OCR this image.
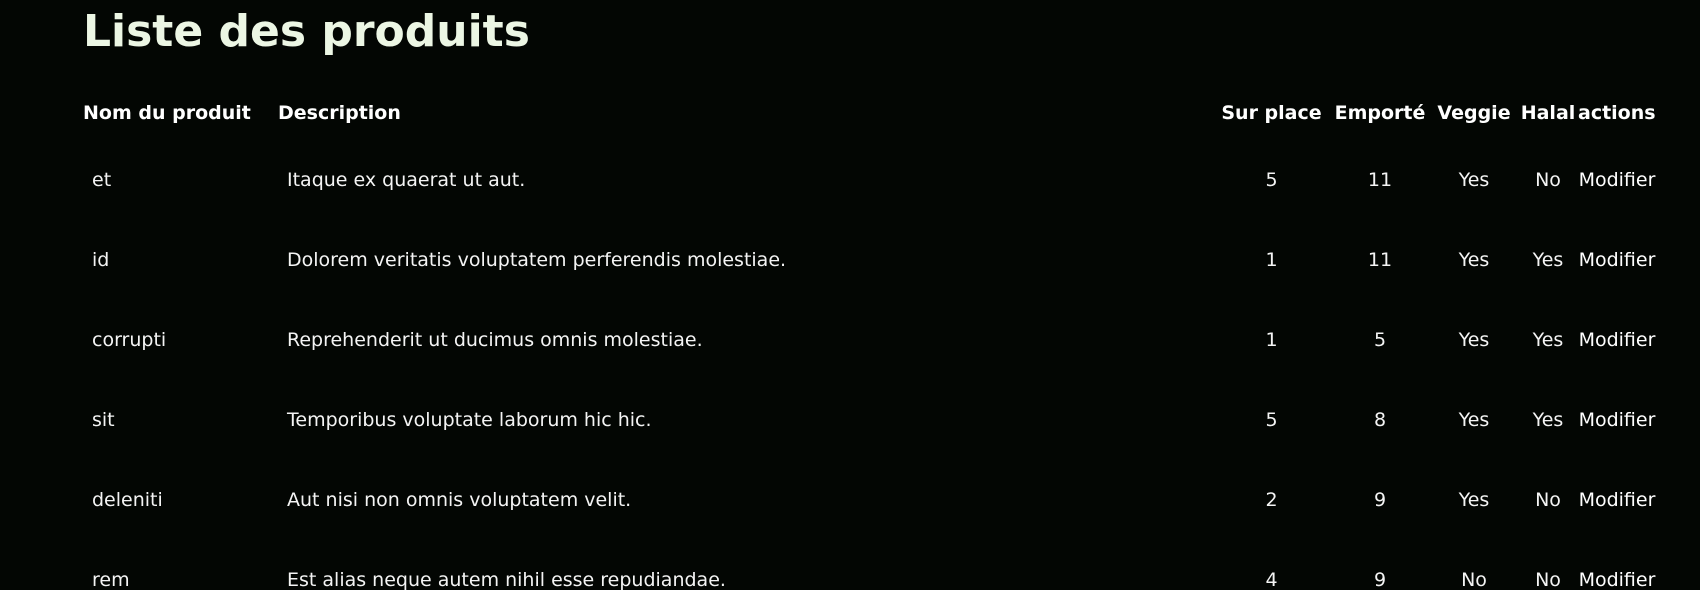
Liste des produits
Nom du produit	Description	Sur place	Emporté	Veggie	Halal	actions
et	Itaque ex quaerat ut aut.	5	11	Yes	No	Modifier
id	Dolorem veritatis voluptatem perferendis molestiae.	1	11	Yes	Yes	Modifier
corrupti	Reprehenderit ut ducimus omnis molestiae.	1	5	Yes	Yes	Modifier
sit	Temporibus voluptate laborum hic hic.	5	8	Yes	Yes	Modifier
deleniti	Aut nisi non omnis voluptatem velit.	2	9	Yes	No	Modifier
rem	Est alias neque autem nihil esse repudiandae.	4	9	No	No	Modifier
